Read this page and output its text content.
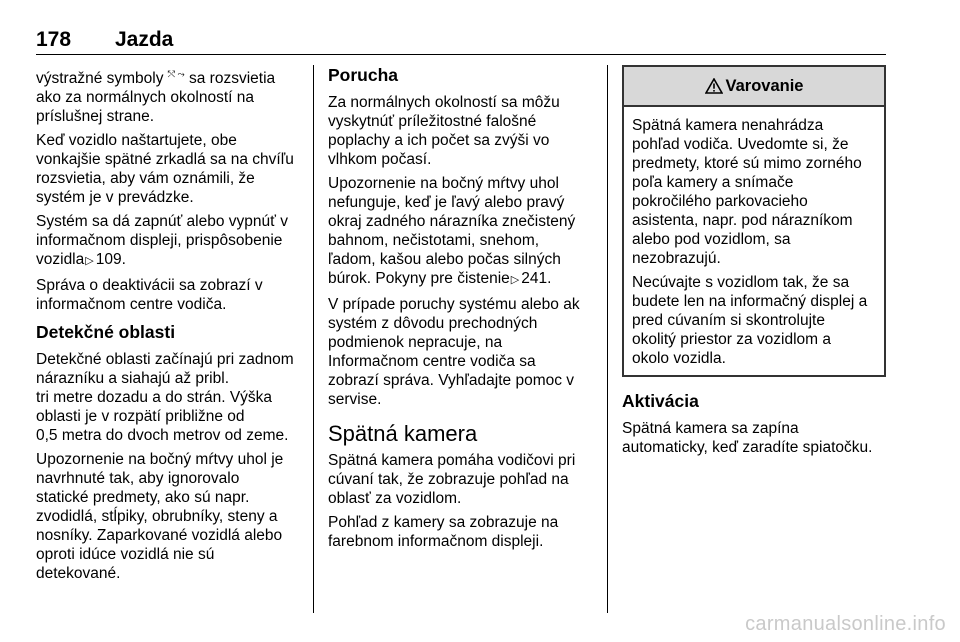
178 Jazda

výstražné symboly ⤲ ⤳ sa rozsvietia
ako za normálnych okolností na
príslušnej strane.

Keď vozidlo naštartujete, obe
vonkajšie spätné zrkadlá sa na chvíľu
rozsvietia, aby vám oznámili, že
systém je v prevádzke.

Systém sa dá zapnúť alebo vypnúť v
informačnom displeji, prispôsobenie
vozidla▷ 109.

Správa o deaktivácii sa zobrazí v
informačnom centre vodiča.

Detekčné oblasti

Detekčné oblasti začínajú pri zadnom
nárazníku a siahajú až pribl.
tri metre dozadu a do strán. Výška
oblasti je v rozpätí približne od
0,5 metra do dvoch metrov od zeme.

Upozornenie na bočný mŕtvy uhol je
navrhnuté tak, aby ignorovalo
statické predmety, ako sú napr.
zvodidlá, stĺpiky, obrubníky, steny a
nosníky. Zaparkované vozidlá alebo
oproti idúce vozidlá nie sú
detekované.

Porucha

Za normálnych okolností sa môžu
vyskytnúť príležitostné falošné
poplachy a ich počet sa zvýši vo
vlhkom počasí.

Upozornenie na bočný mŕtvy uhol
nefunguje, keď je ľavý alebo pravý
okraj zadného nárazníka znečistený
bahnom, nečistotami, snehom,
ľadom, kašou alebo počas silných
búrok. Pokyny pre čistenie▷ 241.

V prípade poruchy systému alebo ak
systém z dôvodu prechodných
podmienok nepracuje, na
Informačnom centre vodiča sa
zobrazí správa. Vyhľadajte pomoc v
servise.

Spätná kamera

Spätná kamera pomáha vodičovi pri
cúvaní tak, že zobrazuje pohľad na
oblasť za vozidlom.

Pohľad z kamery sa zobrazuje na
farebnom informačnom displeji.

Varovanie

Spätná kamera nenahrádza
pohľad vodiča. Uvedomte si, že
predmety, ktoré sú mimo zorného
poľa kamery a snímače
pokročilého parkovacieho
asistenta, napr. pod nárazníkom
alebo pod vozidlom, sa
nezobrazujú.

Necúvajte s vozidlom tak, že sa
budete len na informačný displej a
pred cúvaním si skontrolujte
okolitý priestor za vozidlom a
okolo vozidla.

Aktivácia

Spätná kamera sa zapína
automaticky, keď zaradíte spiatočku.

carmanualsonline.info
